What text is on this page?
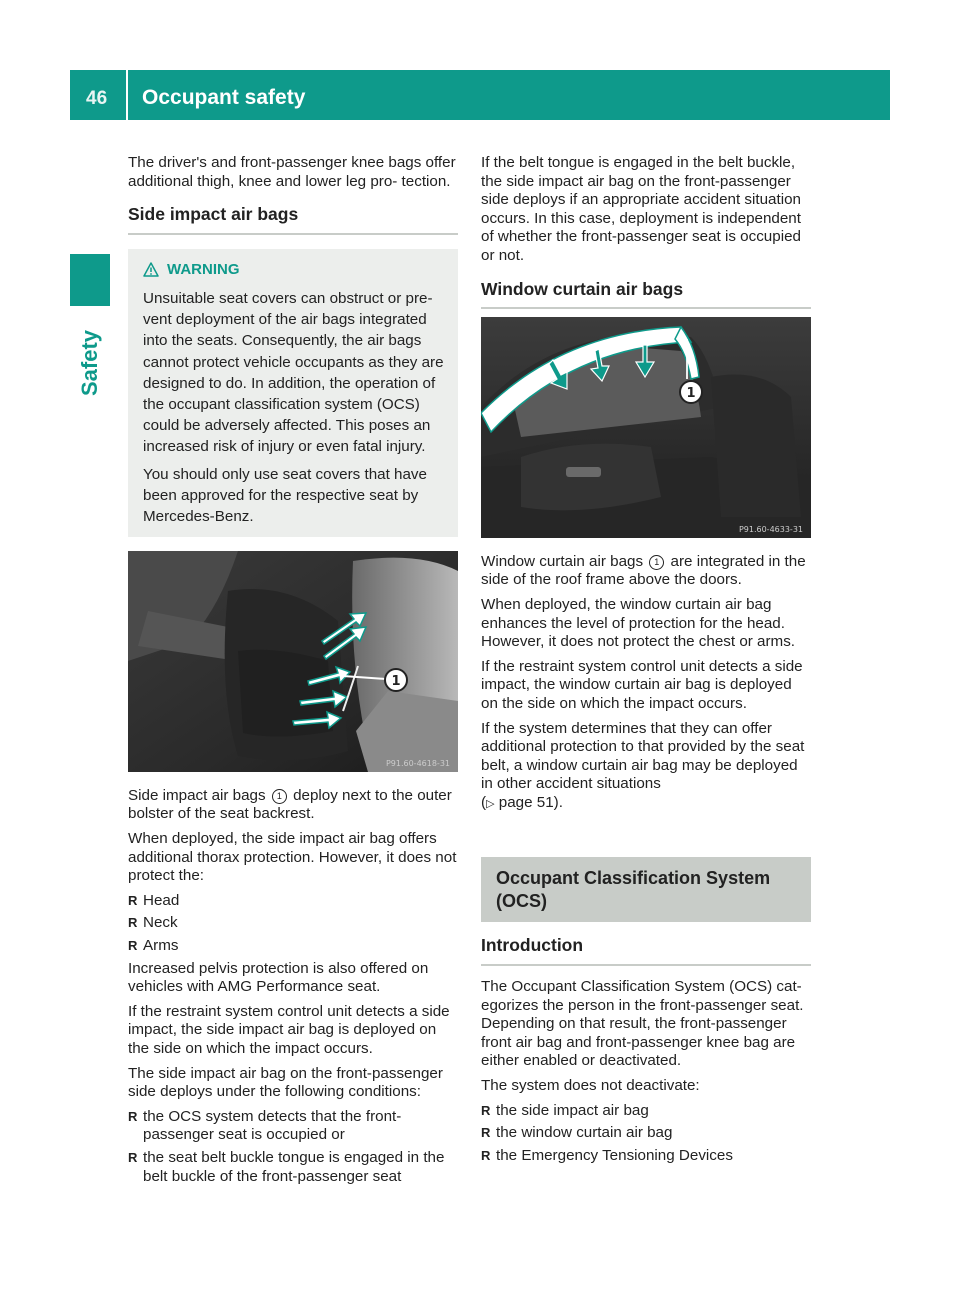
46 Occupant safety
Safety

The driver's and front-passenger knee bags offer additional thigh, knee and lower leg pro- tection.

Side impact air bags
WARNING

Unsuitable seat covers can obstruct or pre- vent deployment of the air bags integrated into the seats. Consequently, the air bags cannot protect vehicle occupants as they are designed to do. In addition, the operation of the occupant classification system (OCS) could be adversely affected. This poses an increased risk of injury or even fatal injury.

You should only use seat covers that have been approved for the respective seat by Mercedes-Benz.

1
P91.60-4618-31

Side impact air bags 1 deploy next to the outer bolster of the seat backrest.

When deployed, the side impact air bag offers additional thorax protection. However, it does not protect the:

R Head
R Neck
R Arms

Increased pelvis protection is also offered on vehicles with AMG Performance seat.

If the restraint system control unit detects a side impact, the side impact air bag is deployed on the side on which the impact occurs.

The side impact air bag on the front-passenger side deploys under the following conditions:

R the OCS system detects that the front- passenger seat is occupied or
R the seat belt buckle tongue is engaged in the belt buckle of the front-passenger seat

If the belt tongue is engaged in the belt buckle, the side impact air bag on the front-passenger side deploys if an appropriate accident situation occurs. In this case, deployment is independent of whether the front-passenger seat is occupied or not.

Window curtain air bags
1
P91.60-4633-31

Window curtain air bags 1 are integrated in the side of the roof frame above the doors.

When deployed, the window curtain air bag enhances the level of protection for the head. However, it does not protect the chest or arms.

If the restraint system control unit detects a side impact, the window curtain air bag is deployed on the side on which the impact occurs.

If the system determines that they can offer additional protection to that provided by the seat belt, a window curtain air bag may be deployed in other accident situations
(▷ page 51).

Occupant Classification System (OCS)
Introduction

The Occupant Classification System (OCS) cat- egorizes the person in the front-passenger seat. Depending on that result, the front-passenger front air bag and front-passenger knee bag are either enabled or deactivated.

The system does not deactivate:

R the side impact air bag
R the window curtain air bag
R the Emergency Tensioning Devices
